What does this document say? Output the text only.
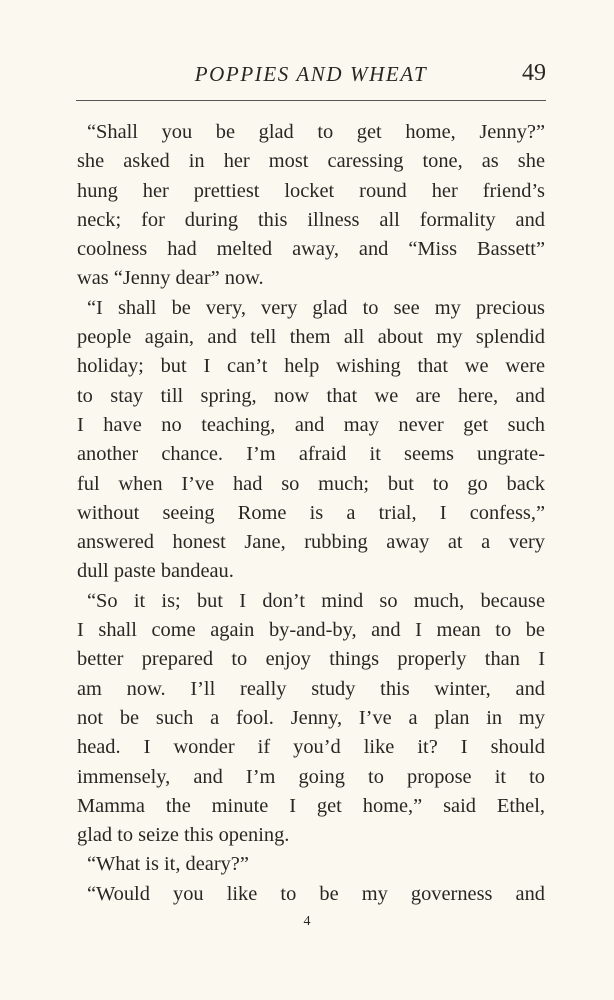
POPPIES AND WHEAT	49
“Shall you be glad to get home, Jenny?”
she asked in her most caressing tone, as she
hung her prettiest locket round her friend’s
neck; for during this illness all formality and
coolness had melted away, and “Miss Bassett”
was “Jenny dear” now.
“I shall be very, very glad to see my precious
people again, and tell them all about my splendid
holiday; but I can’t help wishing that we were
to stay till spring, now that we are here, and
I have no teaching, and may never get such
another chance. I’m afraid it seems ungrate-
ful when I’ve had so much; but to go back
without seeing Rome is a trial, I confess,”
answered honest Jane, rubbing away at a very
dull paste bandeau.
“So it is; but I don’t mind so much, because
I shall come again by-and-by, and I mean to be
better prepared to enjoy things properly than I
am now. I’ll really study this winter, and
not be such a fool. Jenny, I’ve a plan in my
head. I wonder if you’d like it? I should
immensely, and I’m going to propose it to
Mamma the minute I get home,” said Ethel,
glad to seize this opening.
“What is it, deary?”
“Would you like to be my governess and
4
